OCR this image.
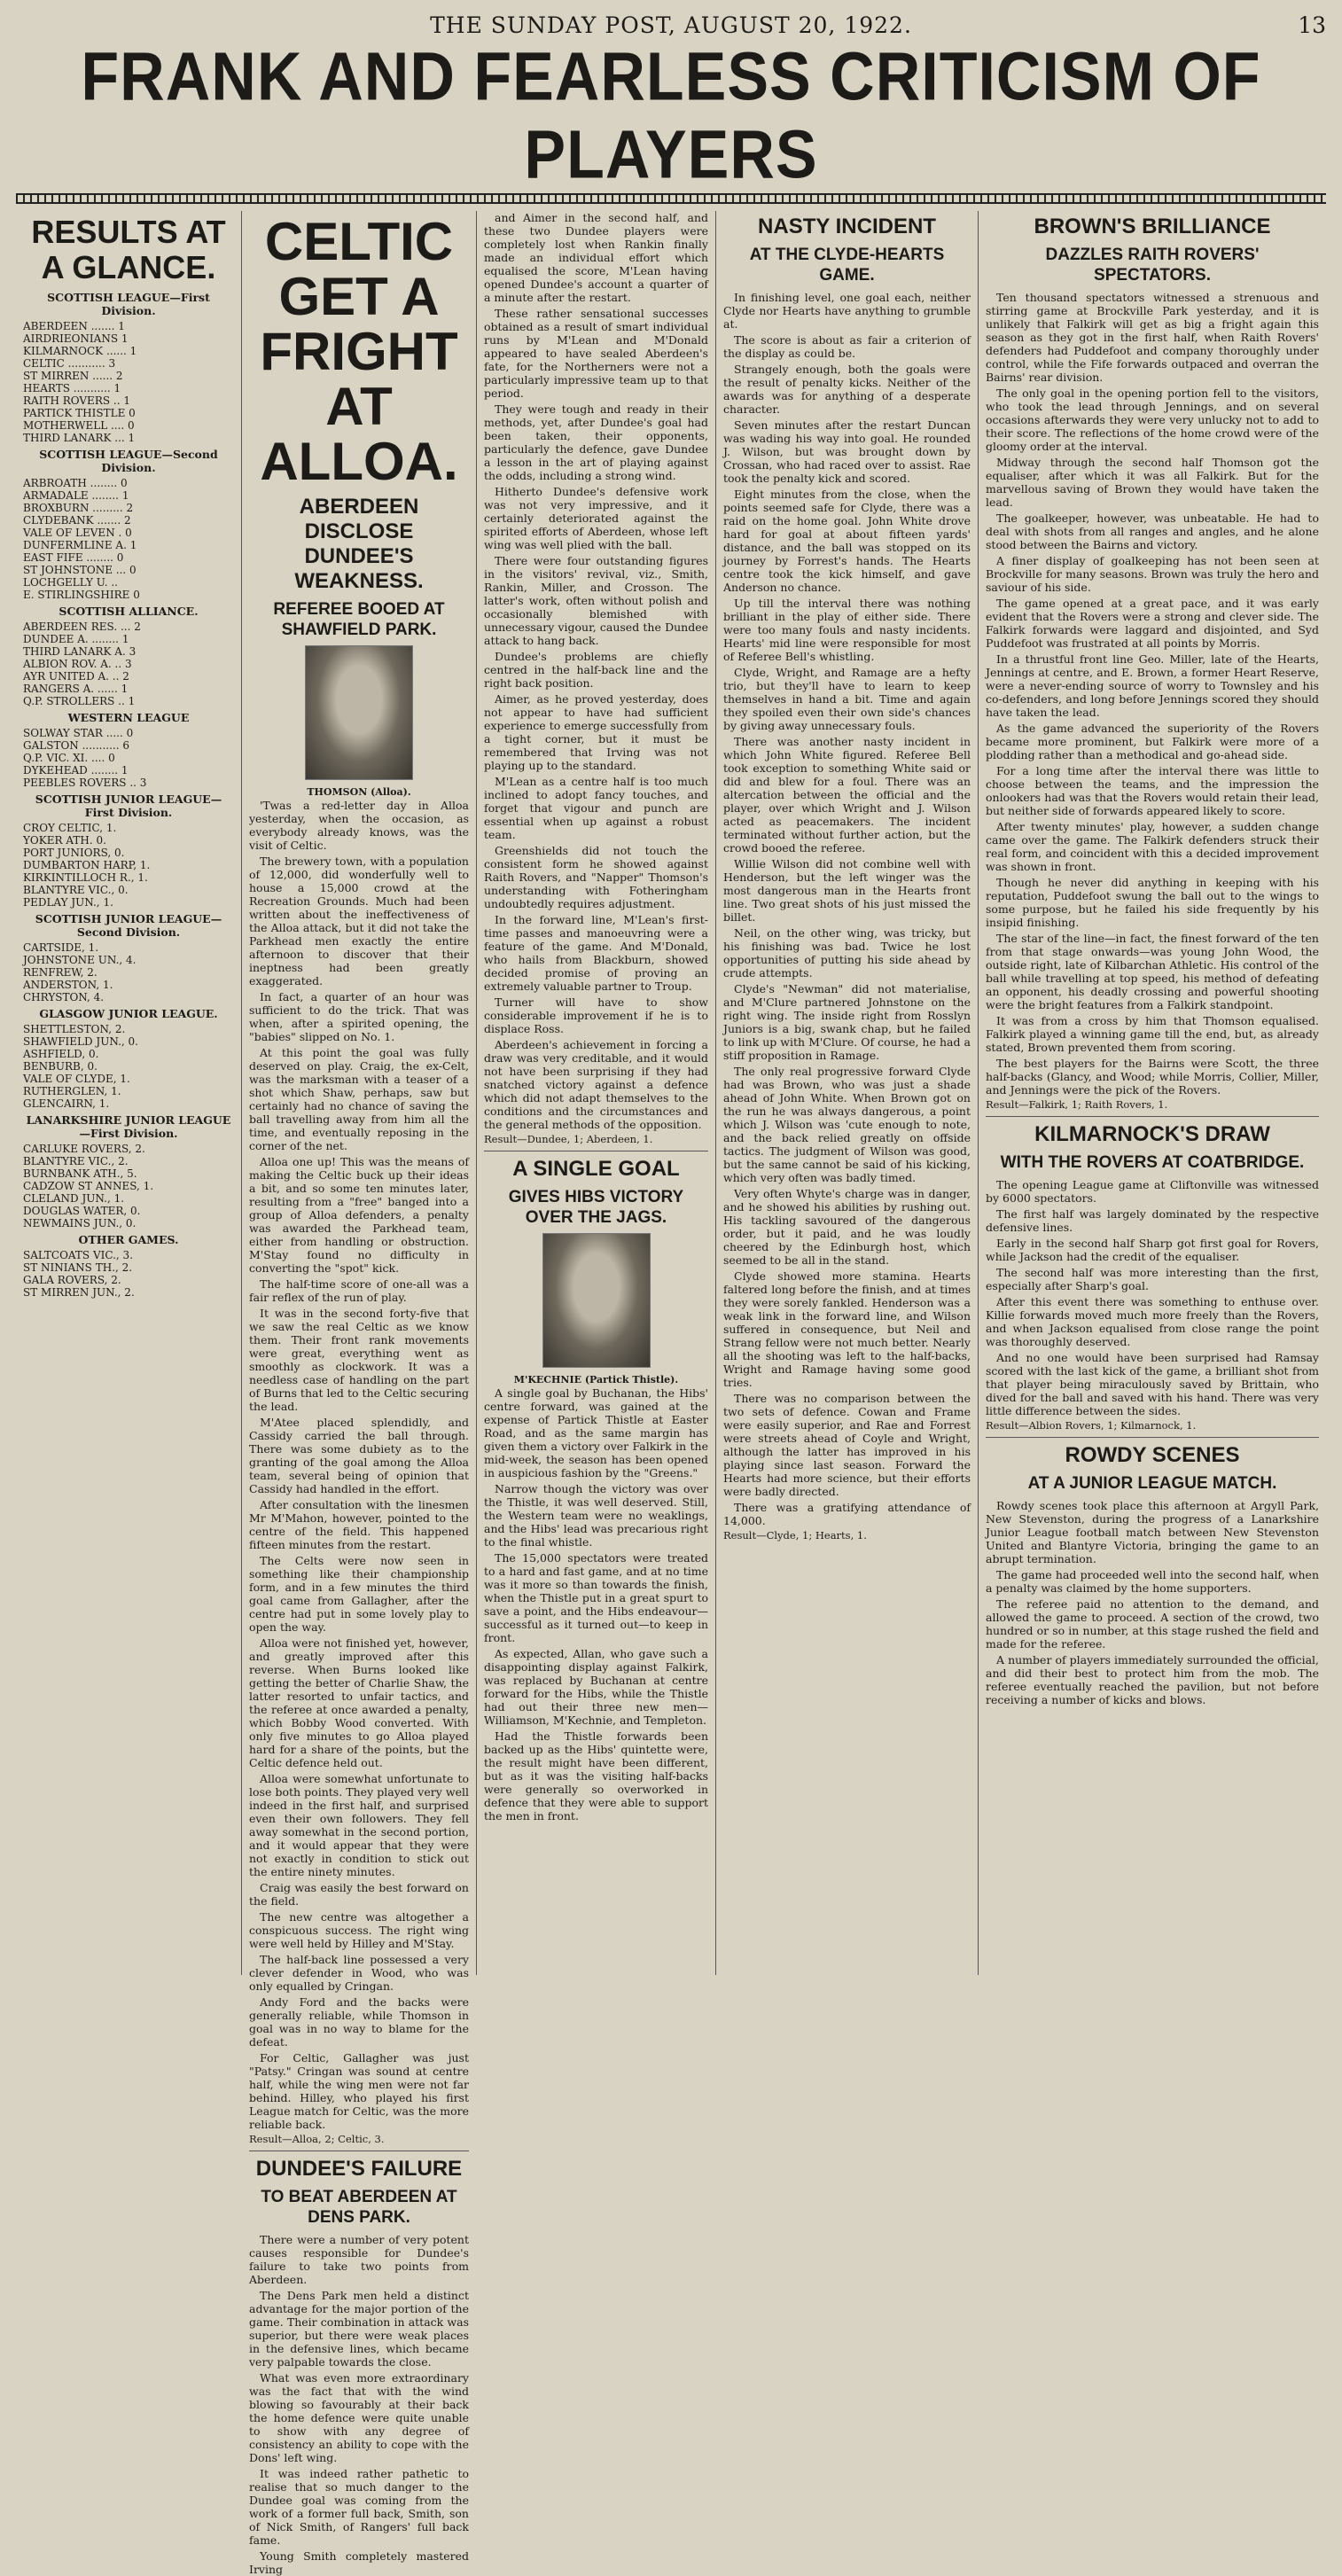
THE SUNDAY POST, AUGUST 20, 1922.	13
FRANK AND FEARLESS CRITICISM OF PLAYERS
RESULTS AT A GLANCE.
SCOTTISH LEAGUE—First Division.
ABERDEEN ....... 1
AIRDRIEONIANS 1
KILMARNOCK ...... 1
CELTIC ........... 3
ST MIRREN ...... 2
HEARTS ........... 1
RAITH ROVERS .. 1
PARTICK THISTLE 0
MOTHERWELL .... 0
THIRD LANARK ... 1
SCOTTISH LEAGUE—Second Division.
ARBROATH ........ 0
ARMADALE ........ 1
BROXBURN ......... 2
CLYDEBANK ....... 2
VALE OF LEVEN . 0
DUNFERMLINE A. 1
EAST FIFE ........ 0
ST JOHNSTONE ... 0
LOCHGELLY U. ..
E. STIRLINGSHIRE 0
SCOTTISH ALLIANCE.
ABERDEEN RES. ... 2
DUNDEE A. ........ 1
THIRD LANARK A. 3
ALBION ROV. A. .. 3
AYR UNITED A. .. 2
RANGERS A. ...... 1
Q.P. STROLLERS .. 1
WESTERN LEAGUE
SOLWAY STAR ..... 0
GALSTON ........... 6
Q.P. VIC. XI. .... 0
DYKEHEAD ........ 1
PEEBLES ROVERS .. 3
SCOTTISH JUNIOR LEAGUE—First Division.
CROY CELTIC, 1.
YOKER ATH. 0.
PORT JUNIORS, 0.
DUMBARTON HARP, 1.
KIRKINTILLOCH R., 1.
BLANTYRE VIC., 0.
PEDLAY JUN., 1.
SCOTTISH JUNIOR LEAGUE—Second Division.
CARTSIDE, 1.
JOHNSTONE UN., 4.
RENFREW, 2.
ANDERSTON, 1.
CHRYSTON, 4.
GLASGOW JUNIOR LEAGUE.
SHETTLESTON, 2.
SHAWFIELD JUN., 0.
ASHFIELD, 0.
BENBURB, 0.
VALE OF CLYDE, 1.
RUTHERGLEN, 1.
GLENCAIRN, 1.
LANARKSHIRE JUNIOR LEAGUE—First Division.
CARLUKE ROVERS, 2.
BLANTYRE VIC., 2.
BURNBANK ATH., 5.
CADZOW ST ANNES, 1.
CLELAND JUN., 1.
DOUGLAS WATER, 0.
NEWMAINS JUN., 0.
OTHER GAMES.
SALTCOATS VIC., 3.
ST NINIANS TH., 2.
GALA ROVERS, 2.
ST MIRREN JUN., 2.
CELTIC GET A FRIGHT AT ALLOA.
ABERDEEN DISCLOSE DUNDEE'S WEAKNESS.
REFEREE BOOED AT SHAWFIELD PARK.
THOMSON (Alloa).

'Twas a red-letter day in Alloa yesterday, when the occasion, as everybody already knows, was the visit of Celtic.

The brewery town, with a population of 12,000, did wonderfully well to house a 15,000 crowd at the Recreation Grounds. Much had been written about the ineffectiveness of the Alloa attack, but it did not take the Parkhead men exactly the entire afternoon to discover that their ineptness had been greatly exaggerated.

In fact, a quarter of an hour was sufficient to do the trick. That was when, after a spirited opening, the "babies" slipped on No. 1.

At this point the goal was fully deserved on play. Craig, the ex-Celt, was the marksman with a teaser of a shot which Shaw, perhaps, saw but certainly had no chance of saving the ball travelling away from him all the time, and eventually reposing in the corner of the net.

Alloa one up! This was the means of making the Celtic buck up their ideas a bit, and so some ten minutes later, resulting from a "free" banged into a group of Alloa defenders, a penalty was awarded the Parkhead team, either from handling or obstruction. M'Stay found no difficulty in converting the "spot" kick.

The half-time score of one-all was a fair reflex of the run of play.

It was in the second forty-five that we saw the real Celtic as we know them. Their front rank movements were great, everything went as smoothly as clockwork. It was a needless case of handling on the part of Burns that led to the Celtic securing the lead.

M'Atee placed splendidly, and Cassidy carried the ball through. There was some dubiety as to the granting of the goal among the Alloa team, several being of opinion that Cassidy had handled in the effort.

After consultation with the linesmen Mr M'Mahon, however, pointed to the centre of the field. This happened fifteen minutes from the restart.

The Celts were now seen in something like their championship form, and in a few minutes the third goal came from Gallagher, after the centre had put in some lovely play to open the way.

Alloa were not finished yet, however, and greatly improved after this reverse. When Burns looked like getting the better of Charlie Shaw, the latter resorted to unfair tactics, and the referee at once awarded a penalty, which Bobby Wood converted. With only five minutes to go Alloa played hard for a share of the points, but the Celtic defence held out.

Alloa were somewhat unfortunate to lose both points. They played very well indeed in the first half, and surprised even their own followers. They fell away somewhat in the second portion, and it would appear that they were not exactly in condition to stick out the entire ninety minutes.

Craig was easily the best forward on the field.

The new centre was altogether a conspicuous success. The right wing were well held by Hilley and M'Stay.

The half-back line possessed a very clever defender in Wood, who was only equalled by Cringan.

Andy Ford and the backs were generally reliable, while Thomson in goal was in no way to blame for the defeat.

For Celtic, Gallagher was just "Patsy." Cringan was sound at centre half, while the wing men were not far behind. Hilley, who played his first League match for Celtic, was the more reliable back.

Result—Alloa, 2; Celtic, 3.
DUNDEE'S FAILURE
TO BEAT ABERDEEN AT DENS PARK.

There were a number of very potent causes responsible for Dundee's failure to take two points from Aberdeen.

The Dens Park men held a distinct advantage for the major portion of the game. Their combination in attack was superior, but there were weak places in the defensive lines, which became very palpable towards the close.

What was even more extraordinary was the fact that with the wind blowing so favourably at their back the home defence were quite unable to show with any degree of consistency an ability to cope with the Dons' left wing.

It was indeed rather pathetic to realise that so much danger to the Dundee goal was coming from the work of a former full back, Smith, son of Nick Smith, of Rangers' full back fame.

Young Smith completely mastered Irving

and Aimer in the second half, and these two Dundee players were completely lost when Rankin finally made an individual effort which equalised the score, M'Lean having opened Dundee's account a quarter of a minute after the restart.

These rather sensational successes obtained as a result of smart individual runs by M'Lean and M'Donald appeared to have sealed Aberdeen's fate, for the Northerners were not a particularly impressive team up to that period.

They were tough and ready in their methods, yet, after Dundee's goal had been taken, their opponents, particularly the defence, gave Dundee a lesson in the art of playing against the odds, including a strong wind.

Hitherto Dundee's defensive work was not very impressive, and it certainly deteriorated against the spirited efforts of Aberdeen, whose left wing was well plied with the ball.

There were four outstanding figures in the visitors' revival, viz., Smith, Rankin, Miller, and Crosson. The latter's work, often without polish and occasionally blemished with unnecessary vigour, caused the Dundee attack to hang back.

Dundee's problems are chiefly centred in the half-back line and the right back position.

Aimer, as he proved yesterday, does not appear to have had sufficient experience to emerge successfully from a tight corner, but it must be remembered that Irving was not playing up to the standard.

M'Lean as a centre half is too much inclined to adopt fancy touches, and forget that vigour and punch are essential when up against a robust team.

Greenshields did not touch the consistent form he showed against Raith Rovers, and "Napper" Thomson's understanding with Fotheringham undoubtedly requires adjustment.

In the forward line, M'Lean's first-time passes and manoeuvring were a feature of the game. And M'Donald, who hails from Blackburn, showed decided promise of proving an extremely valuable partner to Troup.

Turner will have to show considerable improvement if he is to displace Ross.

Aberdeen's achievement in forcing a draw was very creditable, and it would not have been surprising if they had snatched victory against a defence which did not adapt themselves to the conditions and the circumstances and the general methods of the opposition.

Result—Dundee, 1; Aberdeen, 1.
A SINGLE GOAL
GIVES HIBS VICTORY OVER THE JAGS.
M'KECHNIE (Partick Thistle).

A single goal by Buchanan, the Hibs' centre forward, was gained at the expense of Partick Thistle at Easter Road, and as the same margin has given them a victory over Falkirk in the mid-week, the season has been opened in auspicious fashion by the "Greens."

Narrow though the victory was over the Thistle, it was well deserved. Still, the Western team were no weaklings, and the Hibs' lead was precarious right to the final whistle.

The 15,000 spectators were treated to a hard and fast game, and at no time was it more so than towards the finish, when the Thistle put in a great spurt to save a point, and the Hibs endeavour—successful as it turned out—to keep in front.

As expected, Allan, who gave such a disappointing display against Falkirk, was replaced by Buchanan at centre forward for the Hibs, while the Thistle had out their three new men—Williamson, M'Kechnie, and Templeton.

Had the Thistle forwards been backed up as the Hibs' quintette were, the result might have been different, but as it was the visiting half-backs were generally so overworked in defence that they were able to support the men in front.

NASTY INCIDENT
AT THE CLYDE-HEARTS GAME.

In finishing level, one goal each, neither Clyde nor Hearts have anything to grumble at.

The score is about as fair a criterion of the display as could be.

Strangely enough, both the goals were the result of penalty kicks. Neither of the awards was for anything of a desperate character.

Seven minutes after the restart Duncan was wading his way into goal. He rounded J. Wilson, but was brought down by Crossan, who had raced over to assist. Rae took the penalty kick and scored.

Eight minutes from the close, when the points seemed safe for Clyde, there was a raid on the home goal. John White drove hard for goal at about fifteen yards' distance, and the ball was stopped on its journey by Forrest's hands. The Hearts centre took the kick himself, and gave Anderson no chance.

Up till the interval there was nothing brilliant in the play of either side. There were too many fouls and nasty incidents. Hearts' mid line were responsible for most of Referee Bell's whistling.

Clyde, Wright, and Ramage are a hefty trio, but they'll have to learn to keep themselves in hand a bit. Time and again they spoiled even their own side's chances by giving away unnecessary fouls.

There was another nasty incident in which John White figured. Referee Bell took exception to something White said or did and blew for a foul. There was an altercation between the official and the player, over which Wright and J. Wilson acted as peacemakers. The incident terminated without further action, but the crowd booed the referee.

Willie Wilson did not combine well with Henderson, but the left winger was the most dangerous man in the Hearts front line. Two great shots of his just missed the billet.

Neil, on the other wing, was tricky, but his finishing was bad. Twice he lost opportunities of putting his side ahead by crude attempts.

Clyde's "Newman" did not materialise, and M'Clure partnered Johnstone on the right wing. The inside right from Rosslyn Juniors is a big, swank chap, but he failed to link up with M'Clure. Of course, he had a stiff proposition in Ramage.

The only real progressive forward Clyde had was Brown, who was just a shade ahead of John White. When Brown got on the run he was always dangerous, a point which J. Wilson was 'cute enough to note, and the back relied greatly on offside tactics. The judgment of Wilson was good, but the same cannot be said of his kicking, which very often was badly timed.

Very often Whyte's charge was in danger, and he showed his abilities by rushing out. His tackling savoured of the dangerous order, but it paid, and he was loudly cheered by the Edinburgh host, which seemed to be all in the stand.

Clyde showed more stamina. Hearts faltered long before the finish, and at times they were sorely fankled. Henderson was a weak link in the forward line, and Wilson suffered in consequence, but Neil and Strang fellow were not much better. Nearly all the shooting was left to the half-backs, Wright and Ramage having some good tries.

There was no comparison between the two sets of defence. Cowan and Frame were easily superior, and Rae and Forrest were streets ahead of Coyle and Wright, although the latter has improved in his playing since last season. Forward the Hearts had more science, but their efforts were badly directed.

There was a gratifying attendance of 14,000.

Result—Clyde, 1; Hearts, 1.
BROWN'S BRILLIANCE
DAZZLES RAITH ROVERS' SPECTATORS.

Ten thousand spectators witnessed a strenuous and stirring game at Brockville Park yesterday, and it is unlikely that Falkirk will get as big a fright again this season as they got in the first half, when Raith Rovers' defenders had Puddefoot and company thoroughly under control, while the Fife forwards outpaced and overran the Bairns' rear division.

The only goal in the opening portion fell to the visitors, who took the lead through Jennings, and on several occasions afterwards they were very unlucky not to add to their score. The reflections of the home crowd were of the gloomy order at the interval.

Midway through the second half Thomson got the equaliser, after which it was all Falkirk. But for the marvellous saving of Brown they would have taken the lead.

The goalkeeper, however, was unbeatable. He had to deal with shots from all ranges and angles, and he alone stood between the Bairns and victory.

A finer display of goalkeeping has not been seen at Brockville for many seasons. Brown was truly the hero and saviour of his side.

The game opened at a great pace, and it was early evident that the Rovers were a strong and clever side. The Falkirk forwards were laggard and disjointed, and Syd Puddefoot was frustrated at all points by Morris.

In a thrustful front line Geo. Miller, late of the Hearts, Jennings at centre, and E. Brown, a former Heart Reserve, were a never-ending source of worry to Townsley and his co-defenders, and long before Jennings scored they should have taken the lead.

As the game advanced the superiority of the Rovers became more prominent, but Falkirk were more of a plodding rather than a methodical and go-ahead side.

For a long time after the interval there was little to choose between the teams, and the impression the onlookers had was that the Rovers would retain their lead, but neither side of forwards appeared likely to score.

After twenty minutes' play, however, a sudden change came over the game. The Falkirk defenders struck their real form, and coincident with this a decided improvement was shown in front.

Though he never did anything in keeping with his reputation, Puddefoot swung the ball out to the wings to some purpose, but he failed his side frequently by his insipid finishing.

The star of the line—in fact, the finest forward of the ten from that stage onwards—was young John Wood, the outside right, late of Kilbarchan Athletic. His control of the ball while travelling at top speed, his method of defeating an opponent, his deadly crossing and powerful shooting were the bright features from a Falkirk standpoint.

It was from a cross by him that Thomson equalised. Falkirk played a winning game till the end, but, as already stated, Brown prevented them from scoring.

The best players for the Bairns were Scott, the three half-backs (Glancy, and Wood; while Morris, Collier, Miller, and Jennings were the pick of the Rovers.

Result—Falkirk, 1; Raith Rovers, 1.
KILMARNOCK'S DRAW
WITH THE ROVERS AT COATBRIDGE.

The opening League game at Cliftonville was witnessed by 6000 spectators.

The first half was largely dominated by the respective defensive lines.

Early in the second half Sharp got first goal for Rovers, while Jackson had the credit of the equaliser.

The second half was more interesting than the first, especially after Sharp's goal.

After this event there was something to enthuse over. Killie forwards moved much more freely than the Rovers, and when Jackson equalised from close range the point was thoroughly deserved.

And no one would have been surprised had Ramsay scored with the last kick of the game, a brilliant shot from that player being miraculously saved by Brittain, who dived for the ball and saved with his hand. There was very little difference between the sides.

Result—Albion Rovers, 1; Kilmarnock, 1.
ROWDY SCENES
AT A JUNIOR LEAGUE MATCH.

Rowdy scenes took place this afternoon at Argyll Park, New Stevenston, during the progress of a Lanarkshire Junior League football match between New Stevenston United and Blantyre Victoria, bringing the game to an abrupt termination.

The game had proceeded well into the second half, when a penalty was claimed by the home supporters.

The referee paid no attention to the demand, and allowed the game to proceed. A section of the crowd, two hundred or so in number, at this stage rushed the field and made for the referee.

A number of players immediately surrounded the official, and did their best to protect him from the mob. The referee eventually reached the pavilion, but not before receiving a number of kicks and blows.
